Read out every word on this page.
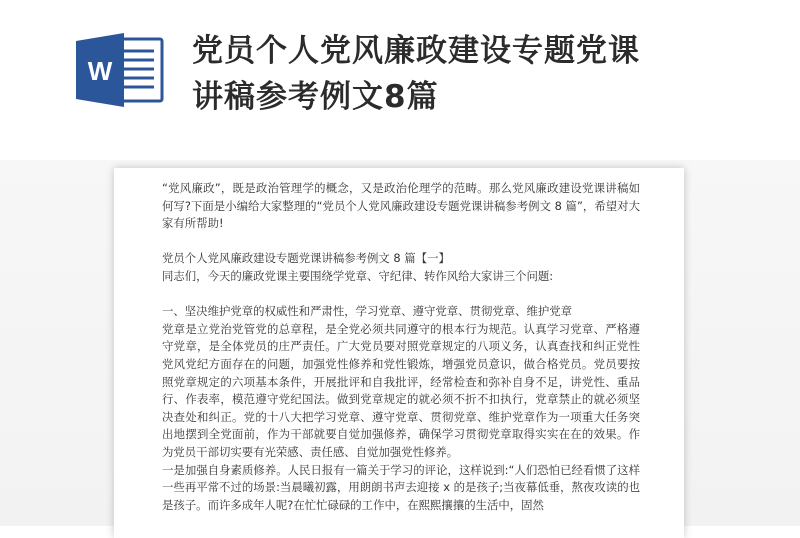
W
党员个人党风廉政建设专题党课
讲稿参考例文8篇

“党风廉政”，既是政治管理学的概念，又是政治伦理学的范畴。那么党风廉政建设党课讲稿如何写?下面是小编给大家整理的“党员个人党风廉政建设专题党课讲稿参考例文 8 篇”，希望对大家有所帮助!

党员个人党风廉政建设专题党课讲稿参考例文 8 篇【一】

同志们，今天的廉政党课主要围绕学党章、守纪律、转作风给大家讲三个问题:

一、坚决维护党章的权威性和严肃性，学习党章、遵守党章、贯彻党章、维护党章

党章是立党治党管党的总章程，是全党必须共同遵守的根本行为规范。认真学习党章、严格遵守党章，是全体党员的庄严责任。广大党员要对照党章规定的八项义务，认真查找和纠正党性党风党纪方面存在的问题，加强党性修养和党性锻炼，增强党员意识，做合格党员。党员要按照党章规定的六项基本条件，开展批评和自我批评，经常检查和弥补自身不足，讲党性、重品行、作表率，模范遵守党纪国法。做到党章规定的就必须不折不扣执行，党章禁止的就必须坚决查处和纠正。党的十八大把学习党章、遵守党章、贯彻党章、维护党章作为一项重大任务突出地摆到全党面前，作为干部就要自觉加强修养，确保学习贯彻党章取得实实在在的效果。作为党员干部切实要有光荣感、责任感、自觉加强党性修养。

一是加强自身素质修养。人民日报有一篇关于学习的评论，这样说到:“人们恐怕已经看惯了这样一些再平常不过的场景:当晨曦初露，用朗朗书声去迎接 x 的是孩子;当夜幕低垂，熬夜攻读的也是孩子。而许多成年人呢?在忙忙碌碌的工作中，在熙熙攘攘的生活中，固然
